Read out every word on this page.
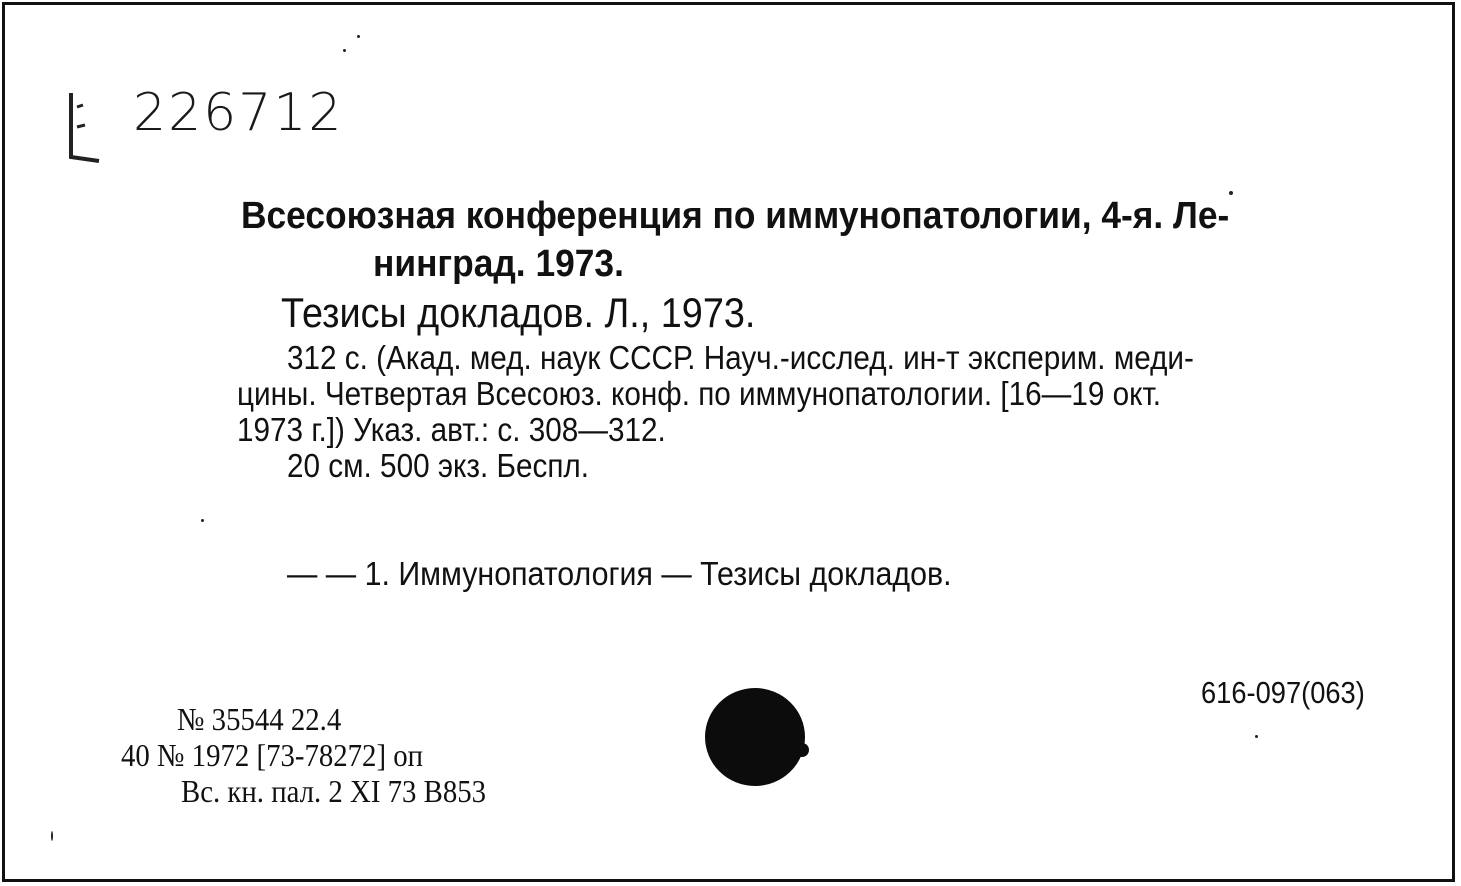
226712
Всесоюзная конференция по иммунопатологии, 4-я. Ле-
нинград. 1973.
Тезисы докладов. Л., 1973.
312 с. (Акад. мед. наук СССР. Науч.-исслед. ин-т эксперим. меди-
цины. Четвертая Всесоюз. конф. по иммунопатологии. [16—19 окт.
1973 г.]) Указ. авт.: с. 308—312.
20 см. 500 экз. Беспл.
— — 1. Иммунопатология — Тезисы докладов.
616-097(063)
№ 35544 22.4
40 № 1972 [73-78272] оп
Вс. кн. пал. 2 XI 73 В853
